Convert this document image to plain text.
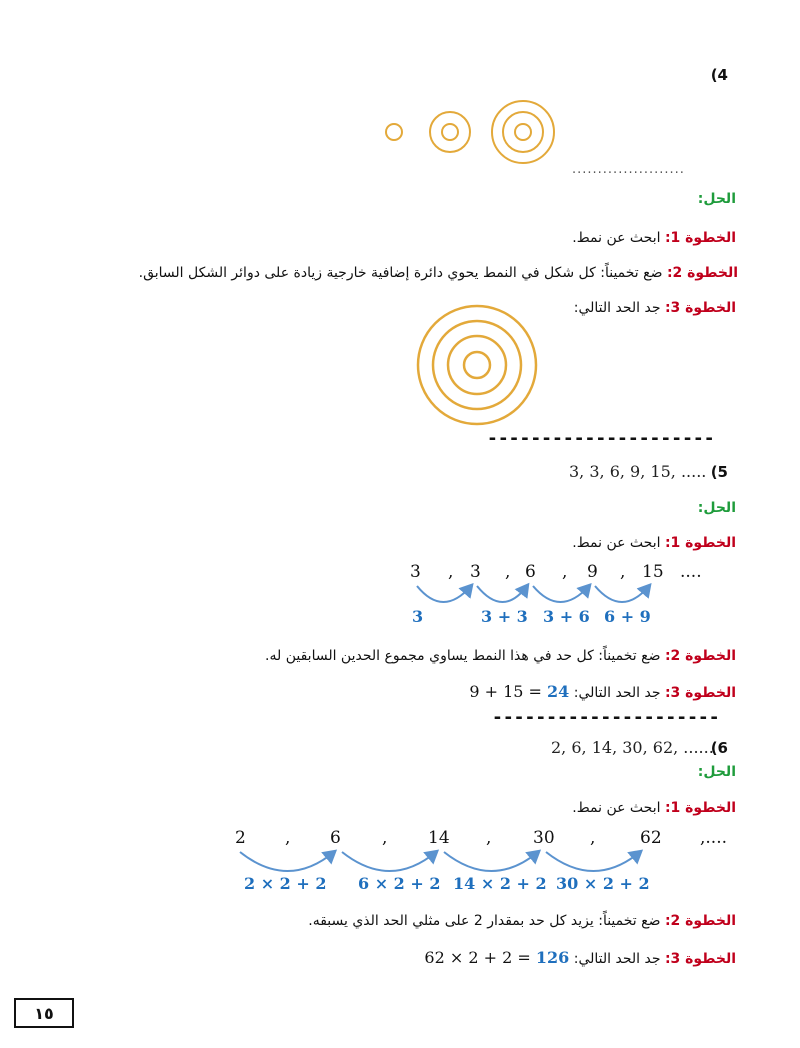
(4
......................
الحل:
الخطوة 1: ابحث عن نمط.
الخطوة 2: ضع تخميناً: كل شكل في النمط يحوي دائرة إضافية خارجية زيادة على دوائر الشكل السابق.
الخطوة 3: جد الحد التالي:
---------------------
(5
3, 3, 6, 9, 15, .....
الحل:
الخطوة 1: ابحث عن نمط.
3 , 3 , 6 , 9 , 15 ....
3	3 + 3 3 + 6 6 + 9
الخطوة 2: ضع تخميناً: كل حد في هذا النمط يساوي مجموع الحدين السابقين له.
الخطوة 3: جد الحد التالي: 9 + 15 = 24
---------------------
(6
2, 6, 14, 30, 62, ......
الحل:
الخطوة 1: ابحث عن نمط.
2 , 6 , 14 , 30 ,	62 ,....
2 × 2 + 2 6 × 2 + 2 14 × 2 + 2 30 × 2 + 2
الخطوة 2: ضع تخميناً: يزيد كل حد بمقدار 2 على مثلي الحد الذي يسبقه.
الخطوة 3: جد الحد التالي: 62 × 2 + 2 = 126
١٥
